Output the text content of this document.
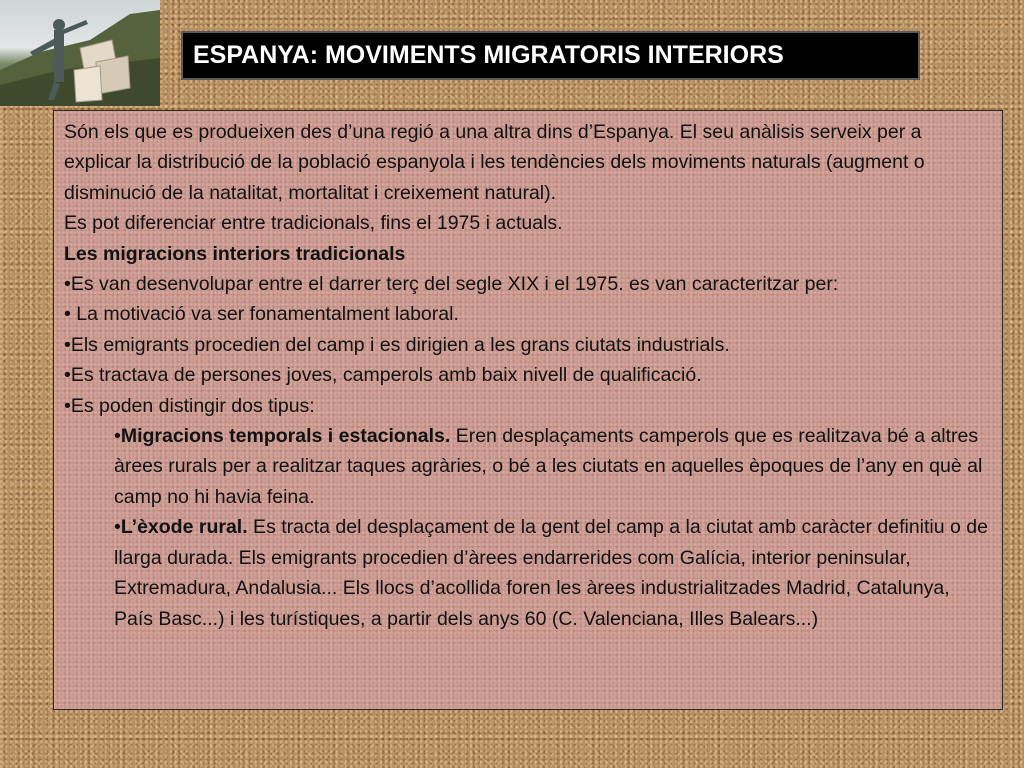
ESPANYA: MOVIMENTS MIGRATORIS INTERIORS

Són els que es produeixen des d’una regió a una altra dins d’Espanya. El seu anàlisis serveix per a explicar la distribució de la població espanyola i les tendències dels moviments naturals (augment o disminució de la natalitat, mortalitat i creixement natural).

Es pot diferenciar entre tradicionals, fins el 1975 i actuals.

Les migracions interiors tradicionals

•Es van desenvolupar entre el darrer terç del segle XIX i el 1975. es van caracteritzar per:

• La motivació va ser fonamentalment laboral.

•Els emigrants procedien del camp i es dirigien a les grans ciutats industrials.

•Es tractava de persones joves, camperols amb baix nivell de qualificació.

•Es poden distingir dos tipus:

•Migracions temporals i estacionals. Eren desplaçaments camperols que es realitzava bé a altres àrees rurals per a realitzar taques agràries, o bé a les ciutats en aquelles èpoques de l’any en què al camp no hi havia feina.

•L’èxode rural. Es tracta del desplaçament de la gent del camp a la ciutat amb caràcter definitiu o de llarga durada. Els emigrants procedien d’àrees endarrerides com Galícia, interior peninsular, Extremadura, Andalusia... Els llocs d’acollida foren les àrees industrialitzades Madrid, Catalunya, País Basc...) i les turístiques, a partir dels anys 60 (C. Valenciana, Illes Balears...)
